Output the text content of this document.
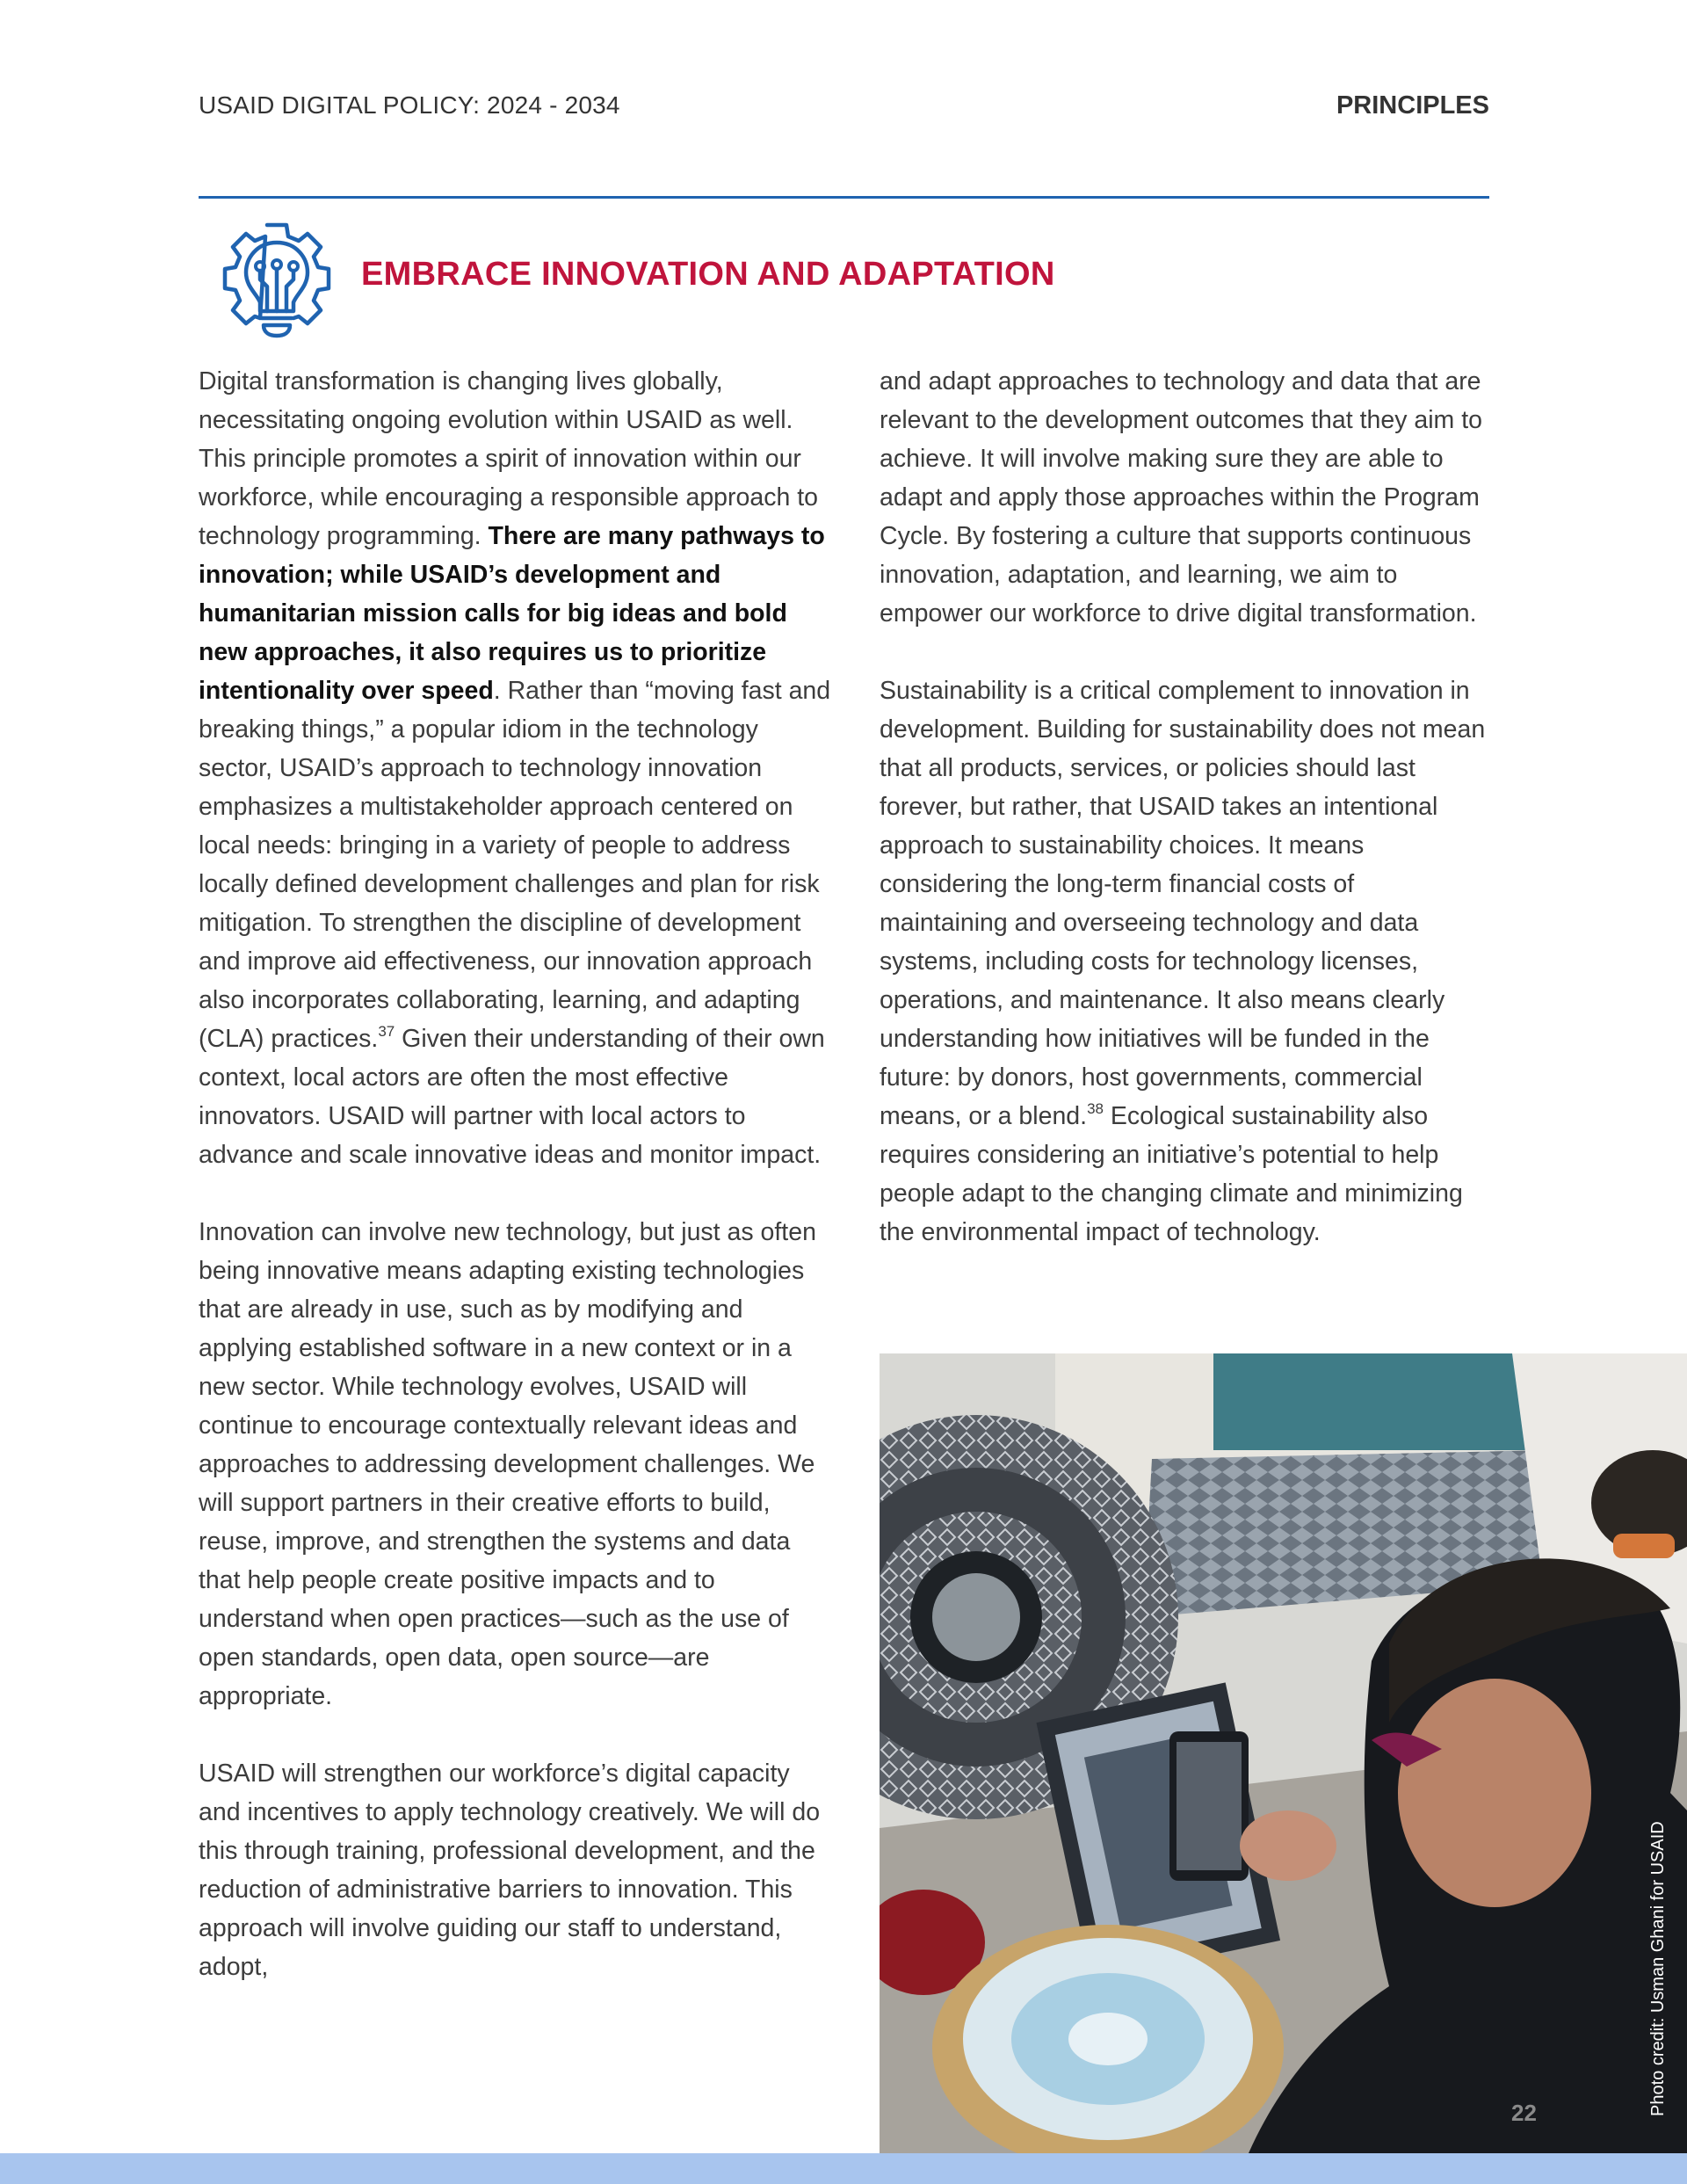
USAID DIGITAL POLICY: 2024 - 2034	PRINCIPLES
EMBRACE INNOVATION AND ADAPTATION

Digital transformation is changing lives globally, necessitating ongoing evolution within USAID as well. This principle promotes a spirit of innovation within our workforce, while encouraging a responsible approach to technology programming. There are many pathways to innovation; while USAID’s development and humanitarian mission calls for big ideas and bold new approaches, it also requires us to prioritize intentionality over speed. Rather than “moving fast and breaking things,” a popular idiom in the technology sector, USAID’s approach to technology innovation emphasizes a multistakeholder approach centered on local needs: bringing in a variety of people to address locally defined development challenges and plan for risk mitigation. To strengthen the discipline of development and improve aid effectiveness, our innovation approach also incorporates collaborating, learning, and adapting (CLA) practices.$^{37}$ Given their understanding of their own context, local actors are often the most effective innovators. USAID will partner with local actors to advance and scale innovative ideas and monitor impact.

Innovation can involve new technology, but just as often being innovative means adapting existing technologies that are already in use, such as by modifying and applying established software in a new context or in a new sector. While technology evolves, USAID will continue to encourage contextually relevant ideas and approaches to addressing development challenges. We will support partners in their creative efforts to build, reuse, improve, and strengthen the systems and data that help people create positive impacts and to understand when open practices—such as the use of open standards, open data, open source—are appropriate.

USAID will strengthen our workforce’s digital capacity and incentives to apply technology creatively. We will do this through training, professional development, and the reduction of administrative barriers to innovation. This approach will involve guiding our staff to understand, adopt,

and adapt approaches to technology and data that are relevant to the development outcomes that they aim to achieve. It will involve making sure they are able to adapt and apply those approaches within the Program Cycle. By fostering a culture that supports continuous innovation, adaptation, and learning, we aim to empower our workforce to drive digital transformation.

Sustainability is a critical complement to innovation in development. Building for sustainability does not mean that all products, services, or policies should last forever, but rather, that USAID takes an intentional approach to sustainability choices. It means considering the long-term financial costs of maintaining and overseeing technology and data systems, including costs for technology licenses, operations, and maintenance. It also means clearly understanding how initiatives will be funded in the future: by donors, host governments, commercial means, or a blend.$^{38}$ Ecological sustainability also requires considering an initiative’s potential to help people adapt to the changing climate and minimizing the environmental impact of technology.

22	Photo credit: Usman Ghani for USAID
